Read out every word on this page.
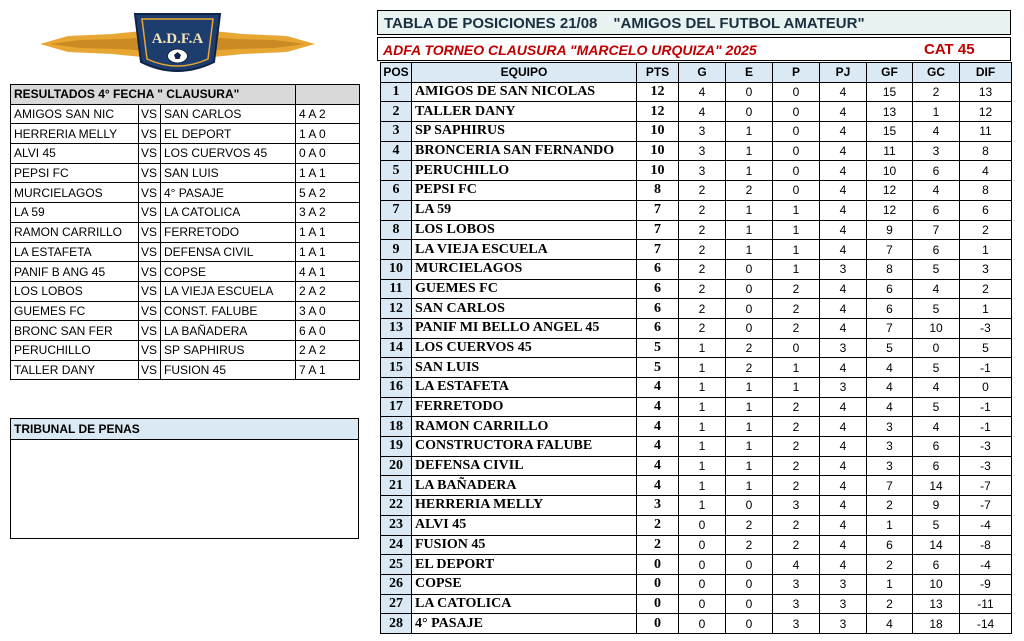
A.D.F.A
RESULTADOS 4° FECHA " CLAUSURA"			
AMIGOS SAN NIC	VS	SAN CARLOS	4 A 2
HERRERIA MELLY	VS	EL DEPORT	1 A 0
ALVI 45	VS	LOS CUERVOS 45	0 A 0
PEPSI FC	VS	SAN LUIS	1 A 1
MURCIELAGOS	VS	4° PASAJE	5 A 2
LA 59	VS	LA CATOLICA	3 A 2
RAMON CARRILLO	VS	FERRETODO	1 A 1
LA ESTAFETA	VS	DEFENSA CIVIL	1 A 1
PANIF B ANG 45	VS	COPSE	4 A 1
LOS LOBOS	VS	LA VIEJA ESCUELA	2 A 2
GUEMES FC	VS	CONST. FALUBE	3 A 0
BRONC SAN FER	VS	LA BAÑADERA	6 A 0
PERUCHILLO	VS	SP SAPHIRUS	2 A 2
TALLER DANY	VS	FUSION 45	7 A 1
TRIBUNAL DE PENAS
TABLA DE POSICIONES 21/08 "AMIGOS DEL FUTBOL AMATEUR"
ADFA TORNEO CLAUSURA "MARCELO URQUIZA" 2025	CAT 45
POS	EQUIPO	PTS	G	E	P	PJ	GF	GC	DIF
1	AMIGOS DE SAN NICOLAS	12	4	0	0	4	15	2	13
2	TALLER DANY	12	4	0	0	4	13	1	12
3	SP SAPHIRUS	10	3	1	0	4	15	4	11
4	BRONCERIA SAN FERNANDO	10	3	1	0	4	11	3	8
5	PERUCHILLO	10	3	1	0	4	10	6	4
6	PEPSI FC	8	2	2	0	4	12	4	8
7	LA 59	7	2	1	1	4	12	6	6
8	LOS LOBOS	7	2	1	1	4	9	7	2
9	LA VIEJA ESCUELA	7	2	1	1	4	7	6	1
10	MURCIELAGOS	6	2	0	1	3	8	5	3
11	GUEMES FC	6	2	0	2	4	6	4	2
12	SAN CARLOS	6	2	0	2	4	6	5	1
13	PANIF MI BELLO ANGEL 45	6	2	0	2	4	7	10	-3
14	LOS CUERVOS 45	5	1	2	0	3	5	0	5
15	SAN LUIS	5	1	2	1	4	4	5	-1
16	LA ESTAFETA	4	1	1	1	3	4	4	0
17	FERRETODO	4	1	1	2	4	4	5	-1
18	RAMON CARRILLO	4	1	1	2	4	3	4	-1
19	CONSTRUCTORA FALUBE	4	1	1	2	4	3	6	-3
20	DEFENSA CIVIL	4	1	1	2	4	3	6	-3
21	LA BAÑADERA	4	1	1	2	4	7	14	-7
22	HERRERIA MELLY	3	1	0	3	4	2	9	-7
23	ALVI 45	2	0	2	2	4	1	5	-4
24	FUSION 45	2	0	2	2	4	6	14	-8
25	EL DEPORT	0	0	0	4	4	2	6	-4
26	COPSE	0	0	0	3	3	1	10	-9
27	LA CATOLICA	0	0	0	3	3	2	13	-11
28	4° PASAJE	0	0	0	3	3	4	18	-14
